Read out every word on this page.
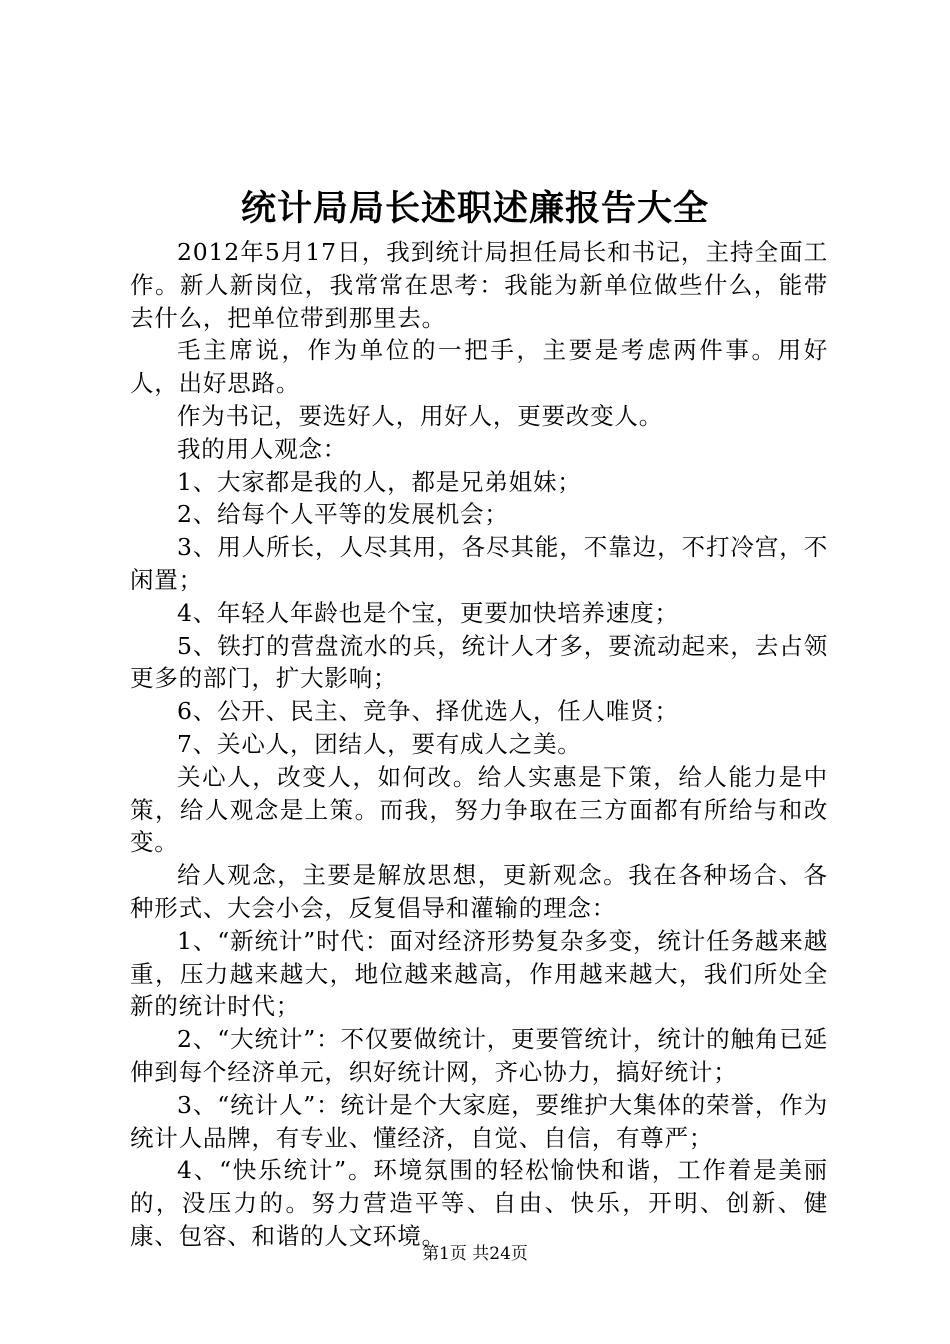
统计局局长述职述廉报告大全

2012年5月17日，我到统计局担任局长和书记，主持全面工作。新人新岗位，我常常在思考：我能为新单位做些什么，能带去什么，把单位带到那里去。

毛主席说，作为单位的一把手，主要是考虑两件事。用好人，出好思路。

作为书记，要选好人，用好人，更要改变人。

我的用人观念：

1、大家都是我的人，都是兄弟姐妹；

2、给每个人平等的发展机会；

3、用人所长，人尽其用，各尽其能，不靠边，不打冷宫，不闲置；

4、年轻人年龄也是个宝，更要加快培养速度；

5、铁打的营盘流水的兵，统计人才多，要流动起来，去占领更多的部门，扩大影响；

6、公开、民主、竞争、择优选人，任人唯贤；

7、关心人，团结人，要有成人之美。

关心人，改变人，如何改。给人实惠是下策，给人能力是中策，给人观念是上策。而我，努力争取在三方面都有所给与和改变。

给人观念，主要是解放思想，更新观念。我在各种场合、各种形式、大会小会，反复倡导和灌输的理念：

1、“新统计”时代：面对经济形势复杂多变，统计任务越来越重，压力越来越大，地位越来越高，作用越来越大，我们所处全新的统计时代；

2、“大统计”：不仅要做统计，更要管统计，统计的触角已延伸到每个经济单元，织好统计网，齐心协力，搞好统计；

3、“统计人”：统计是个大家庭，要维护大集体的荣誉，作为统计人品牌，有专业、懂经济，自觉、自信，有尊严；

4、“快乐统计”。环境氛围的轻松愉快和谐，工作着是美丽的，没压力的。努力营造平等、自由、快乐，开明、创新、健康、包容、和谐的人文环境。

第1页 共24页
